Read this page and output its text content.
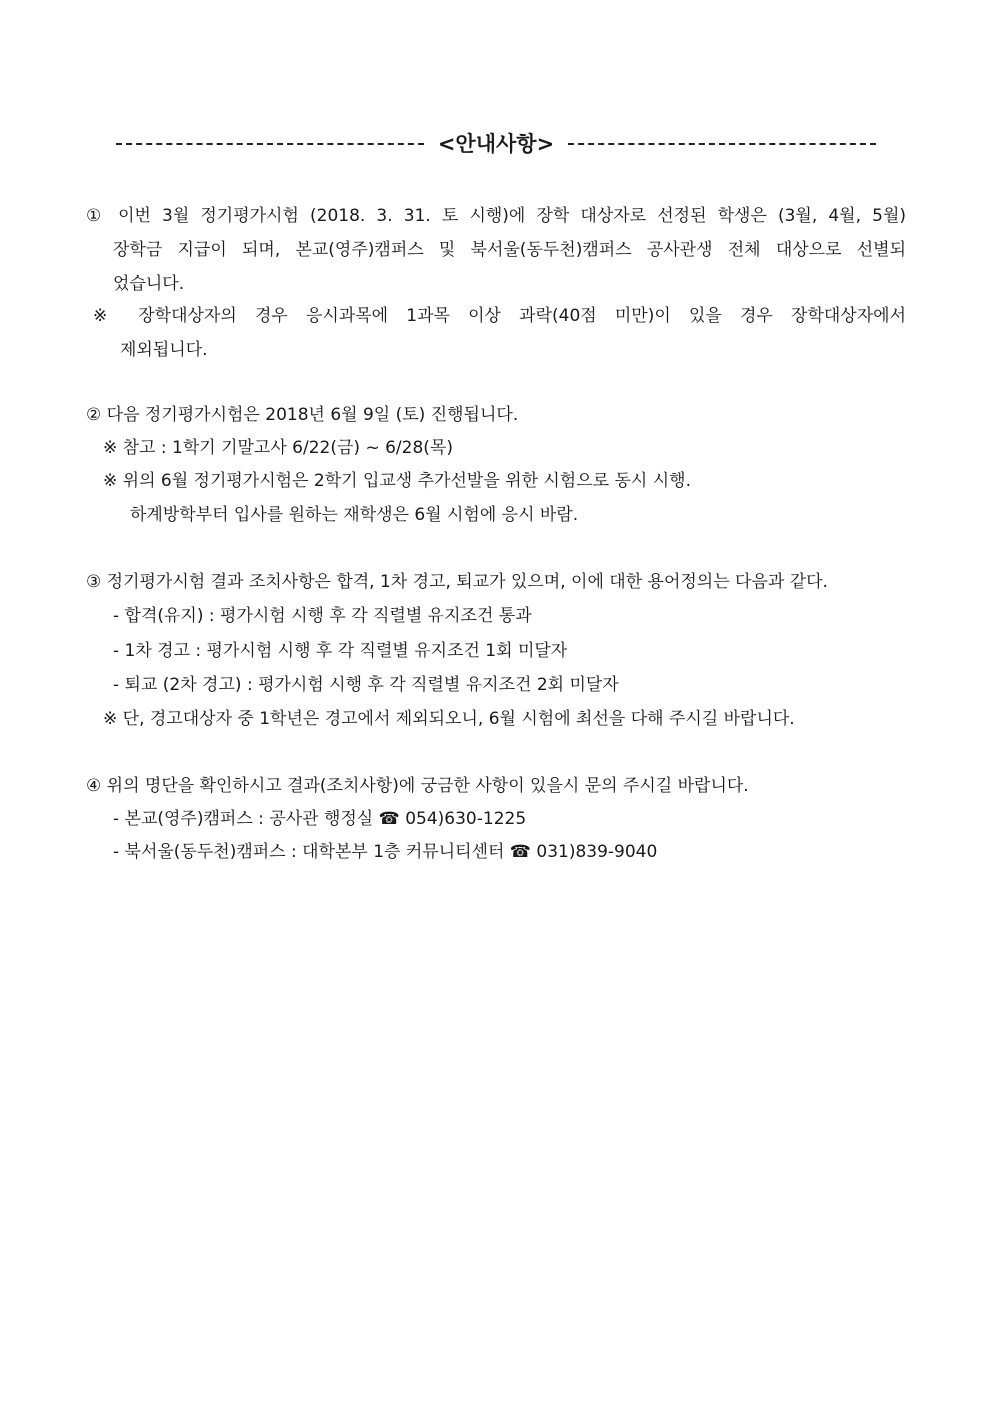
<안내사항>
① 이번 3월 정기평가시험 (2018. 3. 31. 토 시행)에 장학 대상자로 선정된 학생은 (3월, 4월, 5월)
장학금 지급이 되며, 본교(영주)캠퍼스 및 북서울(동두천)캠퍼스 공사관생 전체 대상으로 선별되
었습니다.
※ 장학대상자의 경우 응시과목에 1과목 이상 과락(40점 미만)이 있을 경우 장학대상자에서
제외됩니다.
② 다음 정기평가시험은 2018년 6월 9일 (토) 진행됩니다.
※ 참고 : 1학기 기말고사 6/22(금) ~ 6/28(목)
※ 위의 6월 정기평가시험은 2학기 입교생 추가선발을 위한 시험으로 동시 시행.
하계방학부터 입사를 원하는 재학생은 6월 시험에 응시 바람.
③ 정기평가시험 결과 조치사항은 합격, 1차 경고, 퇴교가 있으며, 이에 대한 용어정의는 다음과 같다.
- 합격(유지) : 평가시험 시행 후 각 직렬별 유지조건 통과
- 1차 경고 : 평가시험 시행 후 각 직렬별 유지조건 1회 미달자
- 퇴교 (2차 경고) : 평가시험 시행 후 각 직렬별 유지조건 2회 미달자
※ 단, 경고대상자 중 1학년은 경고에서 제외되오니, 6월 시험에 최선을 다해 주시길 바랍니다.
④ 위의 명단을 확인하시고 결과(조치사항)에 궁금한 사항이 있을시 문의 주시길 바랍니다.
- 본교(영주)캠퍼스 : 공사관 행정실 ☎ 054)630-1225
- 북서울(동두천)캠퍼스 : 대학본부 1층 커뮤니티센터 ☎ 031)839-9040
